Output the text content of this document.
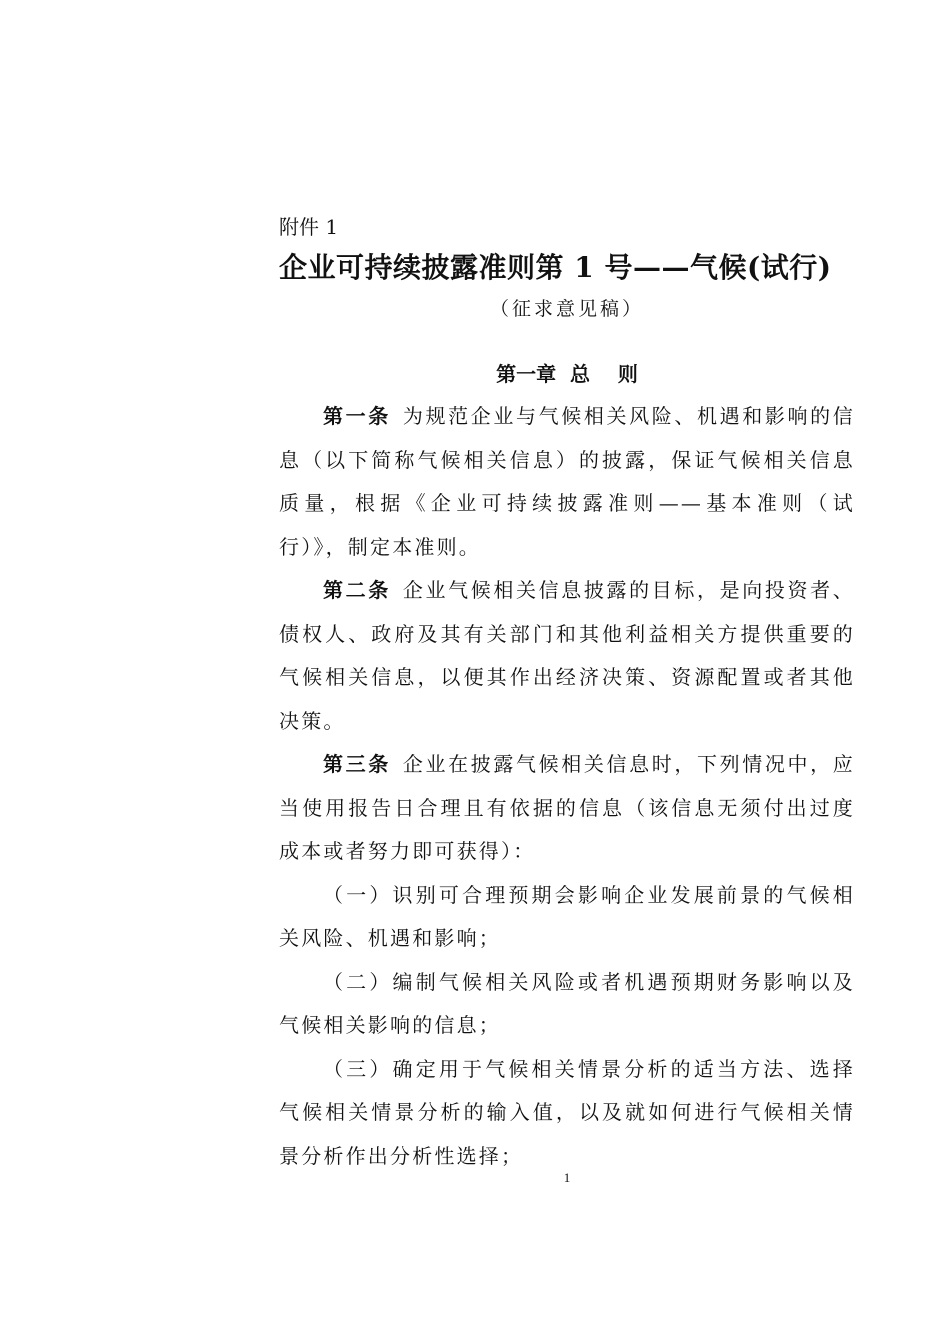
附件 1
企业可持续披露准则第 1 号——气候(试行)
（征求意见稿）
第一章  总    则

第一条 为规范企业与气候相关风险、机遇和影响的信息（以下简称气候相关信息）的披露，保证气候相关信息质量，根据《企业可持续披露准则——基本准则（试行）》，制定本准则。

第二条 企业气候相关信息披露的目标，是向投资者、债权人、政府及其有关部门和其他利益相关方提供重要的气候相关信息，以便其作出经济决策、资源配置或者其他决策。

第三条 企业在披露气候相关信息时，下列情况中，应当使用报告日合理且有依据的信息（该信息无须付出过度成本或者努力即可获得）：

（一）识别可合理预期会影响企业发展前景的气候相关风险、机遇和影响；

（二）编制气候相关风险或者机遇预期财务影响以及气候相关影响的信息；

（三）确定用于气候相关情景分析的适当方法、选择气候相关情景分析的输入值，以及就如何进行气候相关情景分析作出分析性选择；

1
